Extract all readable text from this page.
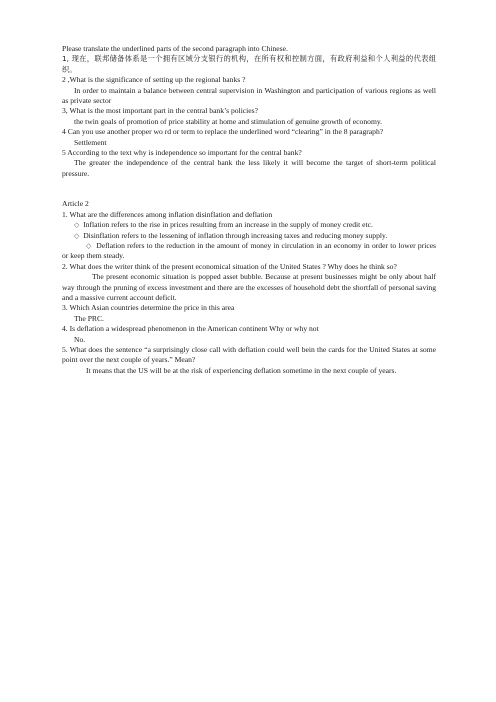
Please translate the underlined parts of the second paragraph into Chinese.

1, 现在，联邦储备体系是一个拥有区域分支银行的机构，在所有权和控制方面，有政府利益和个人利益的代表组织。

2 ,What is the significance of setting up the regional banks ?

In order to maintain a balance between central supervision in Washington and participation of various regions as well as private sector

3, What is the most important part in the central bank’s policies?

the twin goals of promotion of price stability at home and stimulation of genuine growth of economy.

4 Can you use another proper wo rd or term to replace the underlined word “clearing” in the 8 paragraph?

Settlement

5 According to the text why is independence so important for the central bank?

The greater the independence of the central bank the less likely it will become the target of short-term political pressure.

Article 2

1. What are the differences among inflation disinflation and deflation

◇ Inflation refers to the rise in prices resulting from an increase in the supply of money credit etc.

◇ Disinflation refers to the lessening of inflation through increasing taxes and reducing money supply.

◇ Deflation refers to the reduction in the amount of money in circulation in an economy in order to lower prices or keep them steady.

2. What does the writer think of the present economical situation of the United States ? Why does he think so?

The present economic situation is popped asset bubble. Because at present businesses might be only about half way through the pruning of excess investment and there are the excesses of household debt the shortfall of personal saving and a massive current account deficit.

3. Which Asian countries determine the price in this area

The PRC.

4. Is deflation a widespread phenomenon in the American continent Why or why not

No.

5. What does the sentence “a surprisingly close call with deflation could well bein the cards for the United States at some point over the next couple of years.” Mean?

It means that the US will be at the risk of experiencing deflation sometime in the next couple of years.
